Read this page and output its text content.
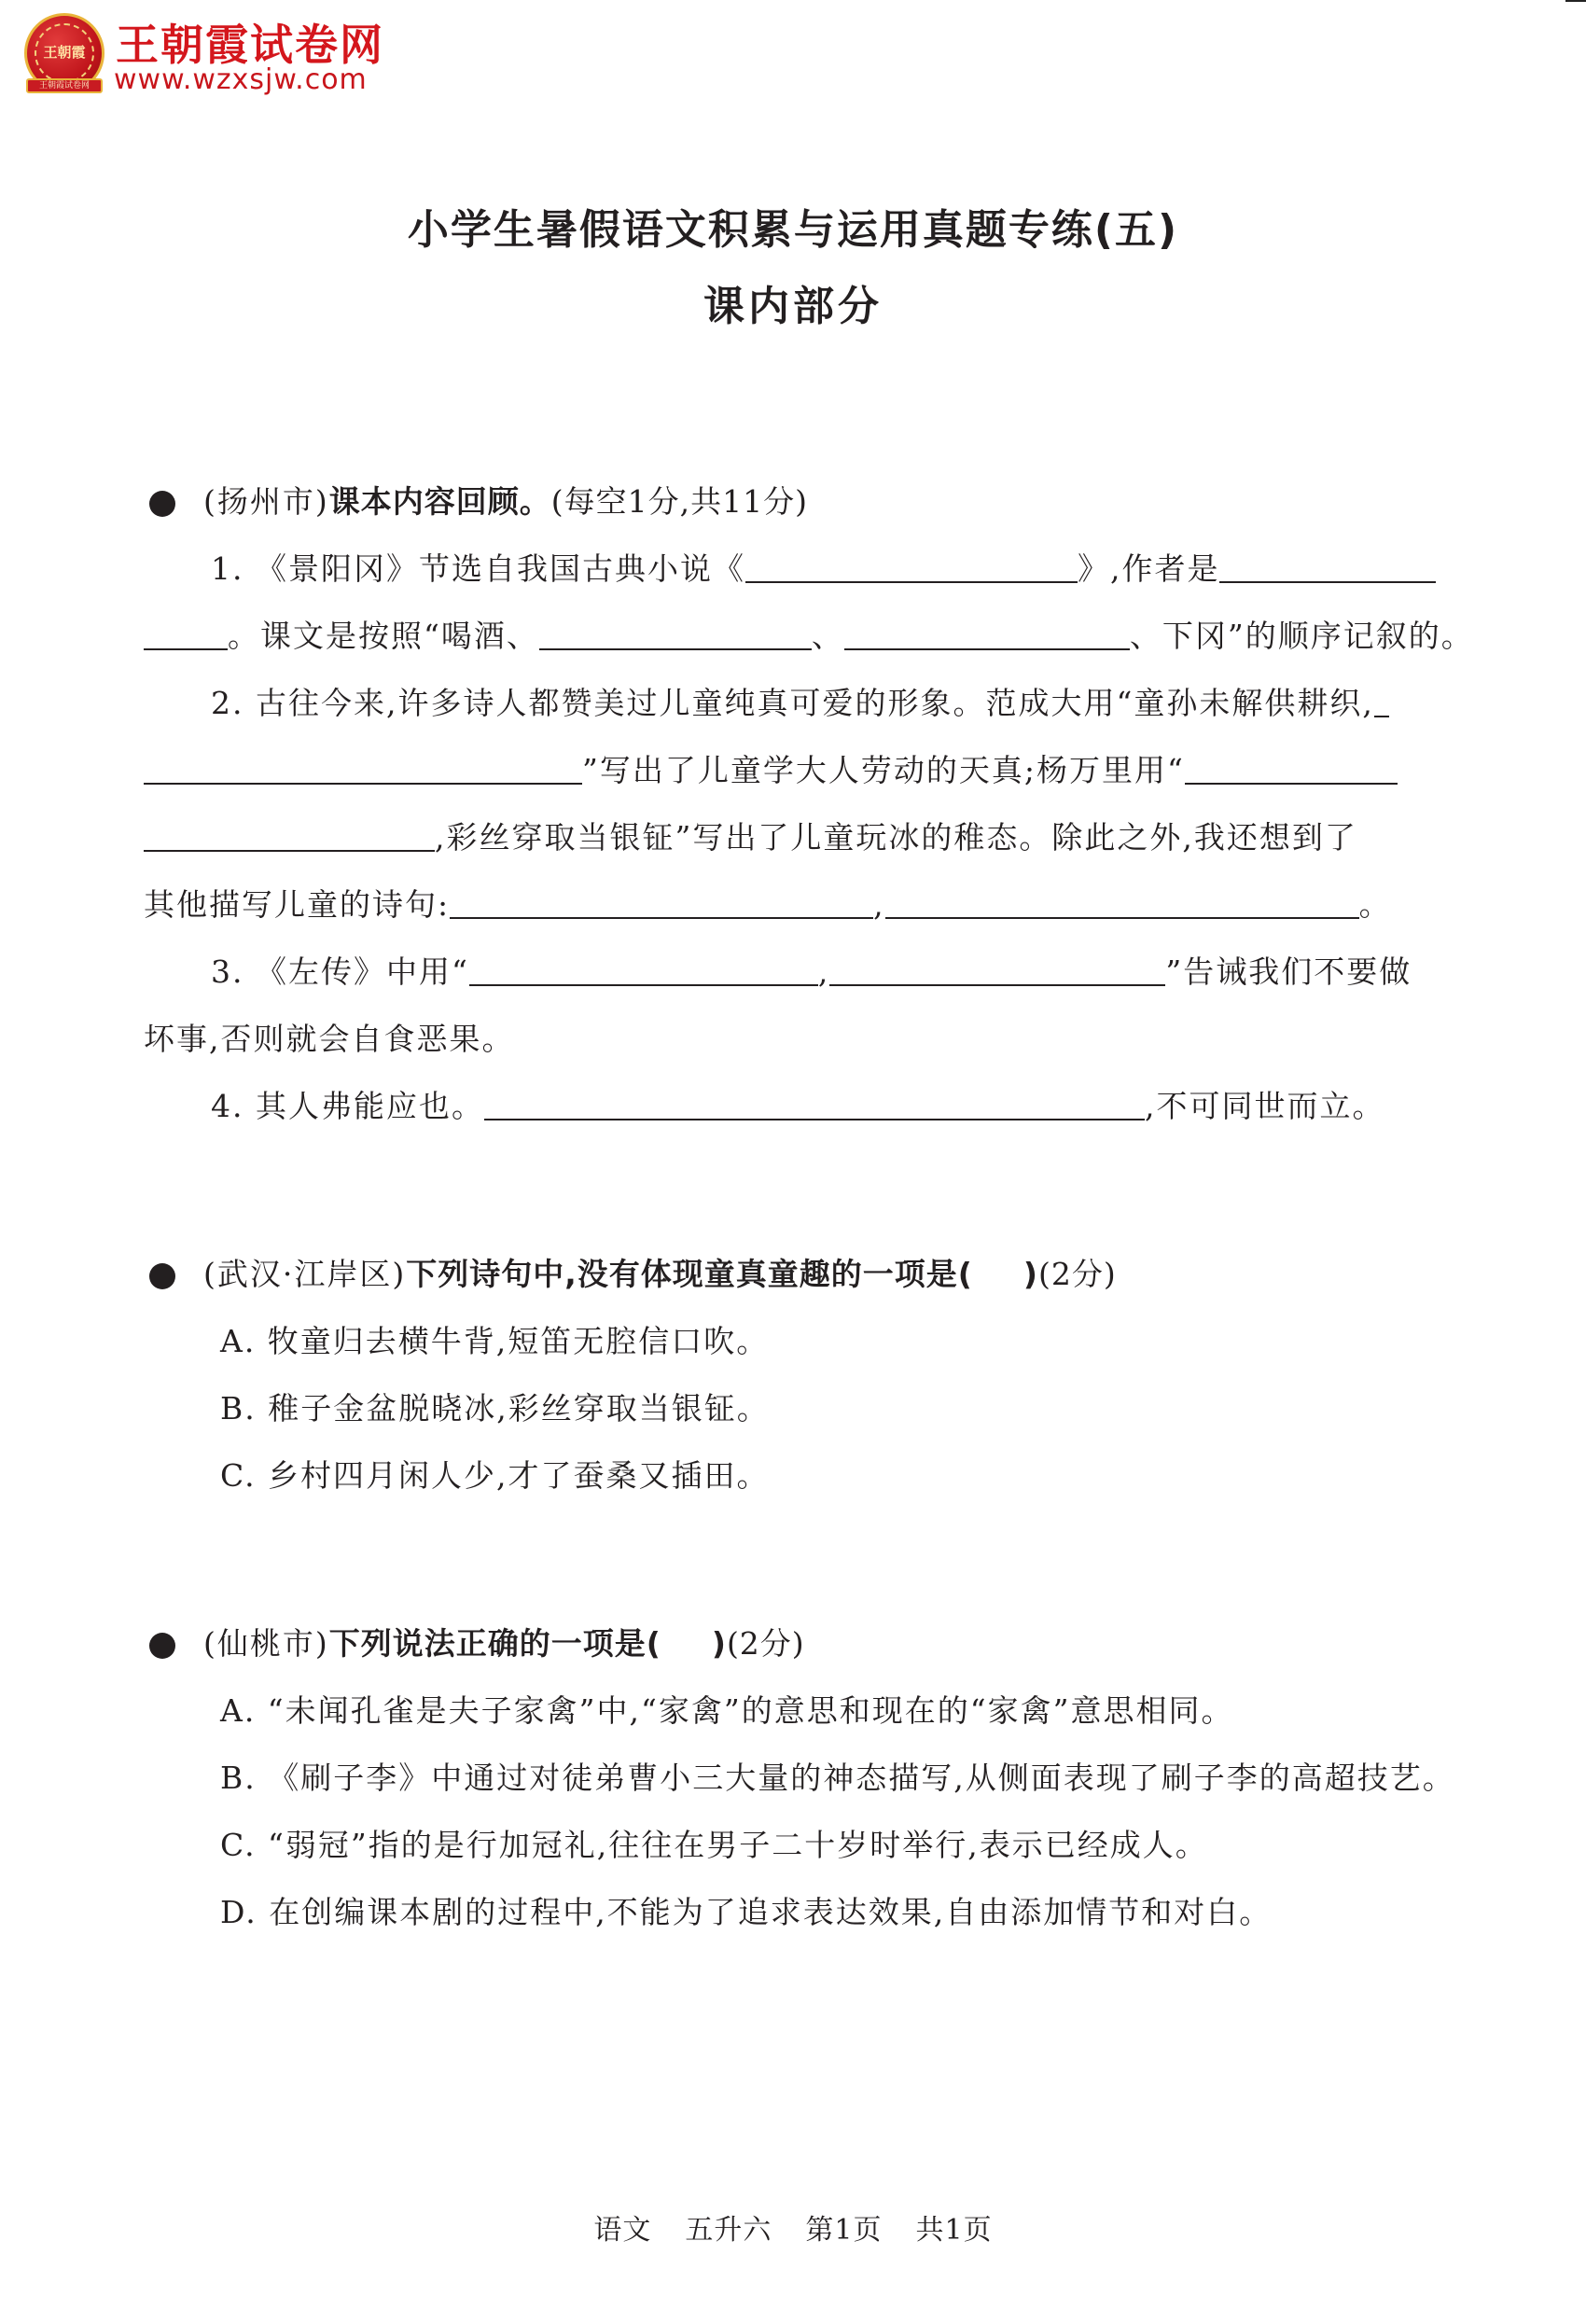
王朝霞
王朝霞试卷网
王朝霞试卷网
www.wzxsjw.com
小学生暑假语文积累与运用真题专练(五)
课内部分
(扬州市)课本内容回顾。(每空1分,共11分)
1. 《景阳冈》节选自我国古典小说《	》,作者是
。课文是按照“喝酒、	、	、下冈”的顺序记叙的。
2. 古往今来,许多诗人都赞美过儿童纯真可爱的形象。范成大用“童孙未解供耕织,
”写出了儿童学大人劳动的天真;杨万里用“
,彩丝穿取当银钲”写出了儿童玩冰的稚态。除此之外,我还想到了
其他描写儿童的诗句:	,	。
3. 《左传》中用“	,	”告诫我们不要做
坏事,否则就会自食恶果。
4. 其人弗能应也。	,不可同世而立。
(武汉·江岸区)下列诗句中,没有体现童真童趣的一项是( )(2分)
A. 牧童归去横牛背,短笛无腔信口吹。
B. 稚子金盆脱晓冰,彩丝穿取当银钲。
C. 乡村四月闲人少,才了蚕桑又插田。
(仙桃市)下列说法正确的一项是( )(2分)
A. “未闻孔雀是夫子家禽”中,“家禽”的意思和现在的“家禽”意思相同。
B. 《刷子李》中通过对徒弟曹小三大量的神态描写,从侧面表现了刷子李的高超技艺。
C. “弱冠”指的是行加冠礼,往往在男子二十岁时举行,表示已经成人。
D. 在创编课本剧的过程中,不能为了追求表达效果,自由添加情节和对白。
语文 五升六 第1页 共1页
